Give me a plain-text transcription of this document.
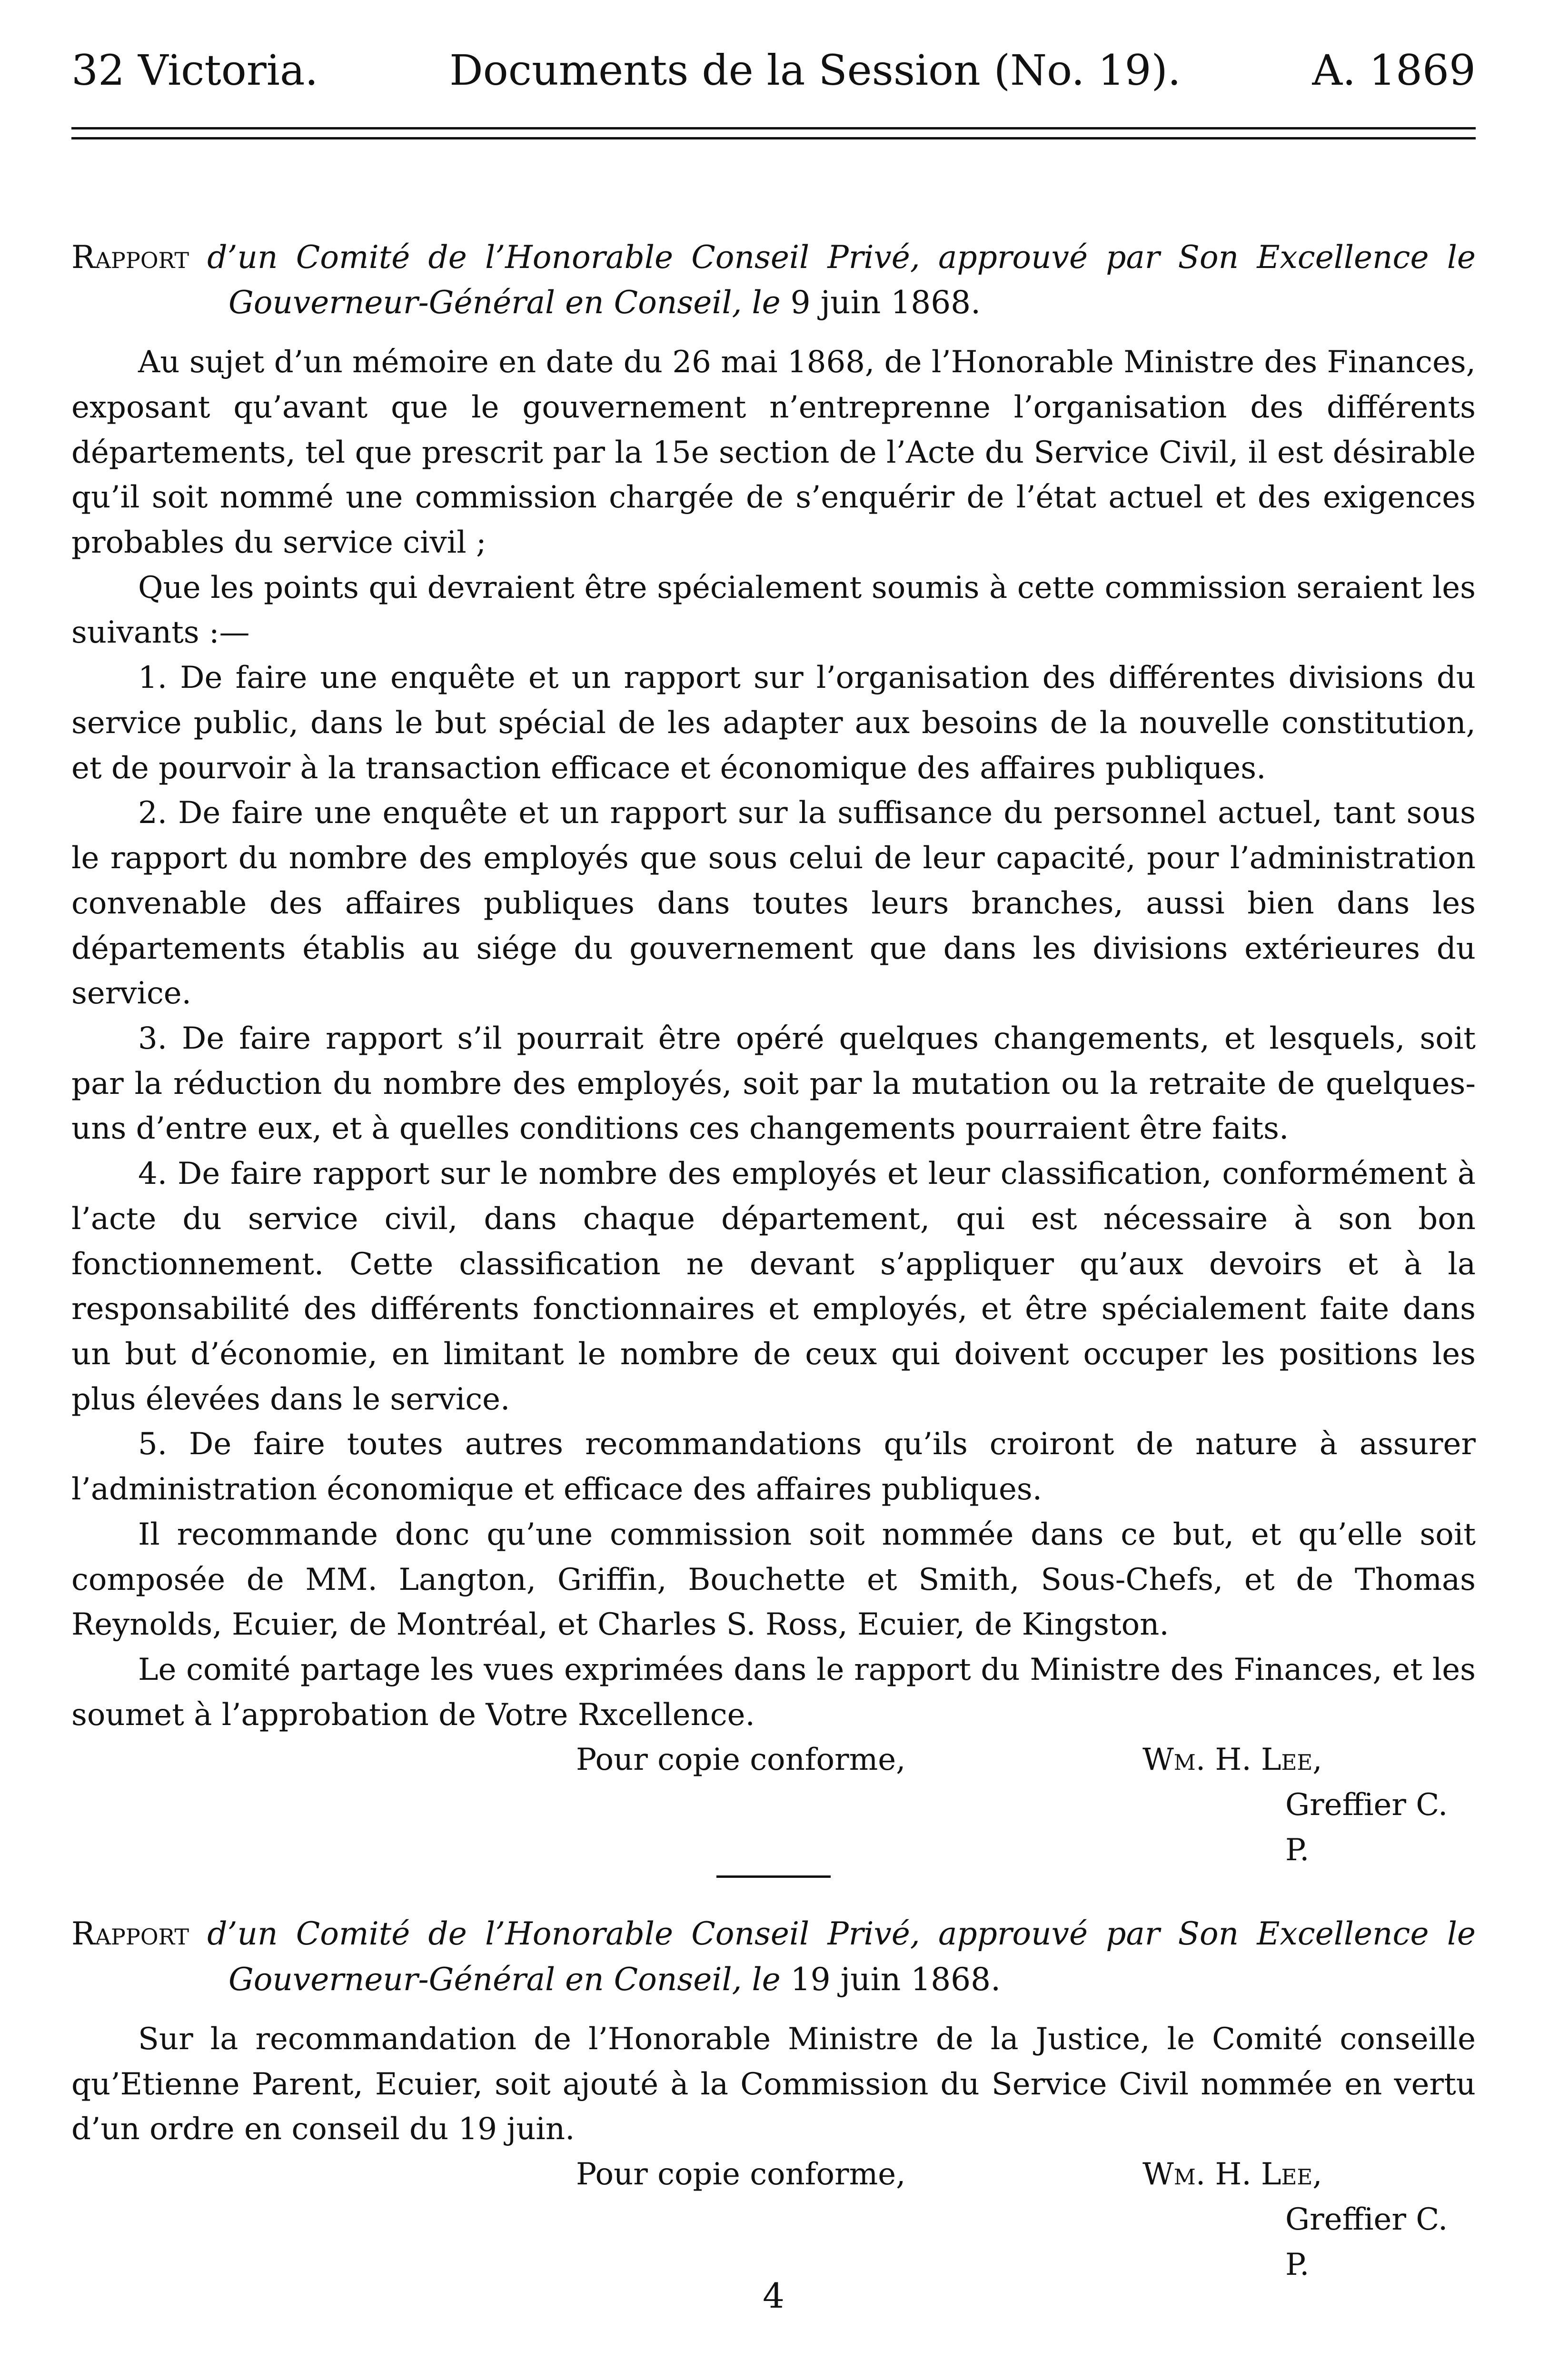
32 Victoria.	Documents de la Session (No. 19).	A. 1869
Rapport d’un Comité de l’Honorable Conseil Privé, approuvé par Son Excellence le Gouverneur-Général en Conseil, le 9 juin 1868.

Au sujet d’un mémoire en date du 26 mai 1868, de l’Honorable Ministre des Finances, exposant qu’avant que le gouvernement n’entreprenne l’organisation des différents départements, tel que prescrit par la 15e section de l’Acte du Service Civil, il est désirable qu’il soit nommé une commission chargée de s’enquérir de l’état actuel et des exigences probables du service civil ;

Que les points qui devraient être spécialement soumis à cette commission seraient les suivants :—

1. De faire une enquête et un rapport sur l’organisation des différentes divisions du service public, dans le but spécial de les adapter aux besoins de la nouvelle constitution, et de pourvoir à la transaction efficace et économique des affaires publiques.

2. De faire une enquête et un rapport sur la suffisance du personnel actuel, tant sous le rapport du nombre des employés que sous celui de leur capacité, pour l’administration convenable des affaires publiques dans toutes leurs branches, aussi bien dans les départements établis au siége du gouvernement que dans les divisions extérieures du service.

3. De faire rapport s’il pourrait être opéré quelques changements, et lesquels, soit par la réduction du nombre des employés, soit par la mutation ou la retraite de quelques-uns d’entre eux, et à quelles conditions ces changements pourraient être faits.

4. De faire rapport sur le nombre des employés et leur classification, conformément à l’acte du service civil, dans chaque département, qui est nécessaire à son bon fonctionnement. Cette classification ne devant s’appliquer qu’aux devoirs et à la responsabilité des différents fonctionnaires et employés, et être spécialement faite dans un but d’économie, en limitant le nombre de ceux qui doivent occuper les positions les plus élevées dans le service.

5. De faire toutes autres recommandations qu’ils croiront de nature à assurer l’administration économique et efficace des affaires publiques.

Il recommande donc qu’une commission soit nommée dans ce but, et qu’elle soit composée de MM. Langton, Griffin, Bouchette et Smith, Sous-Chefs, et de Thomas Reynolds, Ecuier, de Montréal, et Charles S. Ross, Ecuier, de Kingston.

Le comité partage les vues exprimées dans le rapport du Ministre des Finances, et les soumet à l’approbation de Votre Rxcellence.

Pour copie conforme,	Wm. H. Lee,
Greffier C. P.
Rapport d’un Comité de l’Honorable Conseil Privé, approuvé par Son Excellence le Gouverneur-Général en Conseil, le 19 juin 1868.

Sur la recommandation de l’Honorable Ministre de la Justice, le Comité conseille qu’Etienne Parent, Ecuier, soit ajouté à la Commission du Service Civil nommée en vertu d’un ordre en conseil du 19 juin.

Pour copie conforme,	Wm. H. Lee,
Greffier C. P.
4
